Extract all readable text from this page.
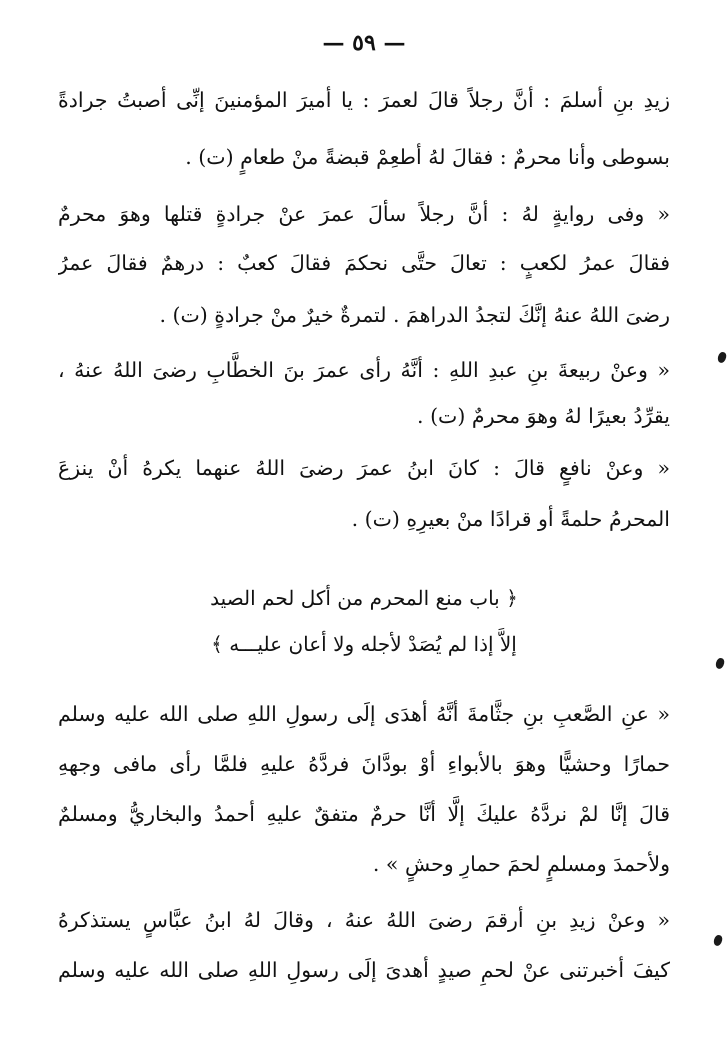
— ٥٩ —
زيدِ بنِ أسلمَ : أنَّ رجلاً قالَ لعمرَ : يا أميرَ المؤمنينَ إنِّى أصبتُ جرادةً
بسوطى وأنا محرمٌ : فقالَ لهُ أطعِمْ قبضةً منْ طعامٍ (ت) .
« وفى روايةٍ لهُ : أنَّ رجلاً سألَ عمرَ عنْ جرادةٍ قتلها وهوَ محرمٌ
فقالَ عمرُ لكعبٍ : تعالَ حتَّى نحكمَ فقالَ كعبٌ : درهمٌ فقالَ عمرُ
رضىَ اللهُ عنهُ إنَّكَ لتجدُ الدراهمَ . لتمرةٌ خيرٌ منْ جرادةٍ (ت) .
« وعنْ ربيعةَ بنِ عبدِ اللهِ : أنَّهُ رأى عمرَ بنَ الخطَّابِ رضىَ اللهُ عنهُ ،
يقرِّدُ بعيرًا لهُ وهوَ محرمٌ (ت) .
« وعنْ نافعٍ قالَ : كانَ ابنُ عمرَ رضىَ اللهُ عنهما يكرهُ أنْ ينزعَ
المحرمُ حلمةً أو قرادًا منْ بعيرِهِ (ت) .
﴿ باب منع المحرم من أكل لحم الصيد
إلاَّ إذا لم يُصَدْ لأجله ولا أعان عليـــه ﴾
« عنِ الصَّعبِ بنِ جثَّامةَ أنَّهُ أهدَى إلَى رسولِ اللهِ صلى الله عليه وسلم
حمارًا وحشيًّا وهوَ بالأبواءِ أوْ بودَّانَ فردَّهُ عليهِ فلمَّا رأى مافى وجههِ
قالَ إنَّا لمْ نردَّهُ عليكَ إلَّا أنَّا حرمٌ متفقٌ عليهِ أحمدُ والبخاريُّ ومسلمٌ
ولأحمدَ ومسلمٍ لحمَ حمارِ وحشٍ » .
« وعنْ زيدِ بنِ أرقمَ رضىَ اللهُ عنهُ ، وقالَ لهُ ابنُ عبَّاسٍ يستذكرهُ
كيفَ أخبرتنى عنْ لحمِ صيدٍ أهدىَ إلَى رسولِ اللهِ صلى الله عليه وسلم
